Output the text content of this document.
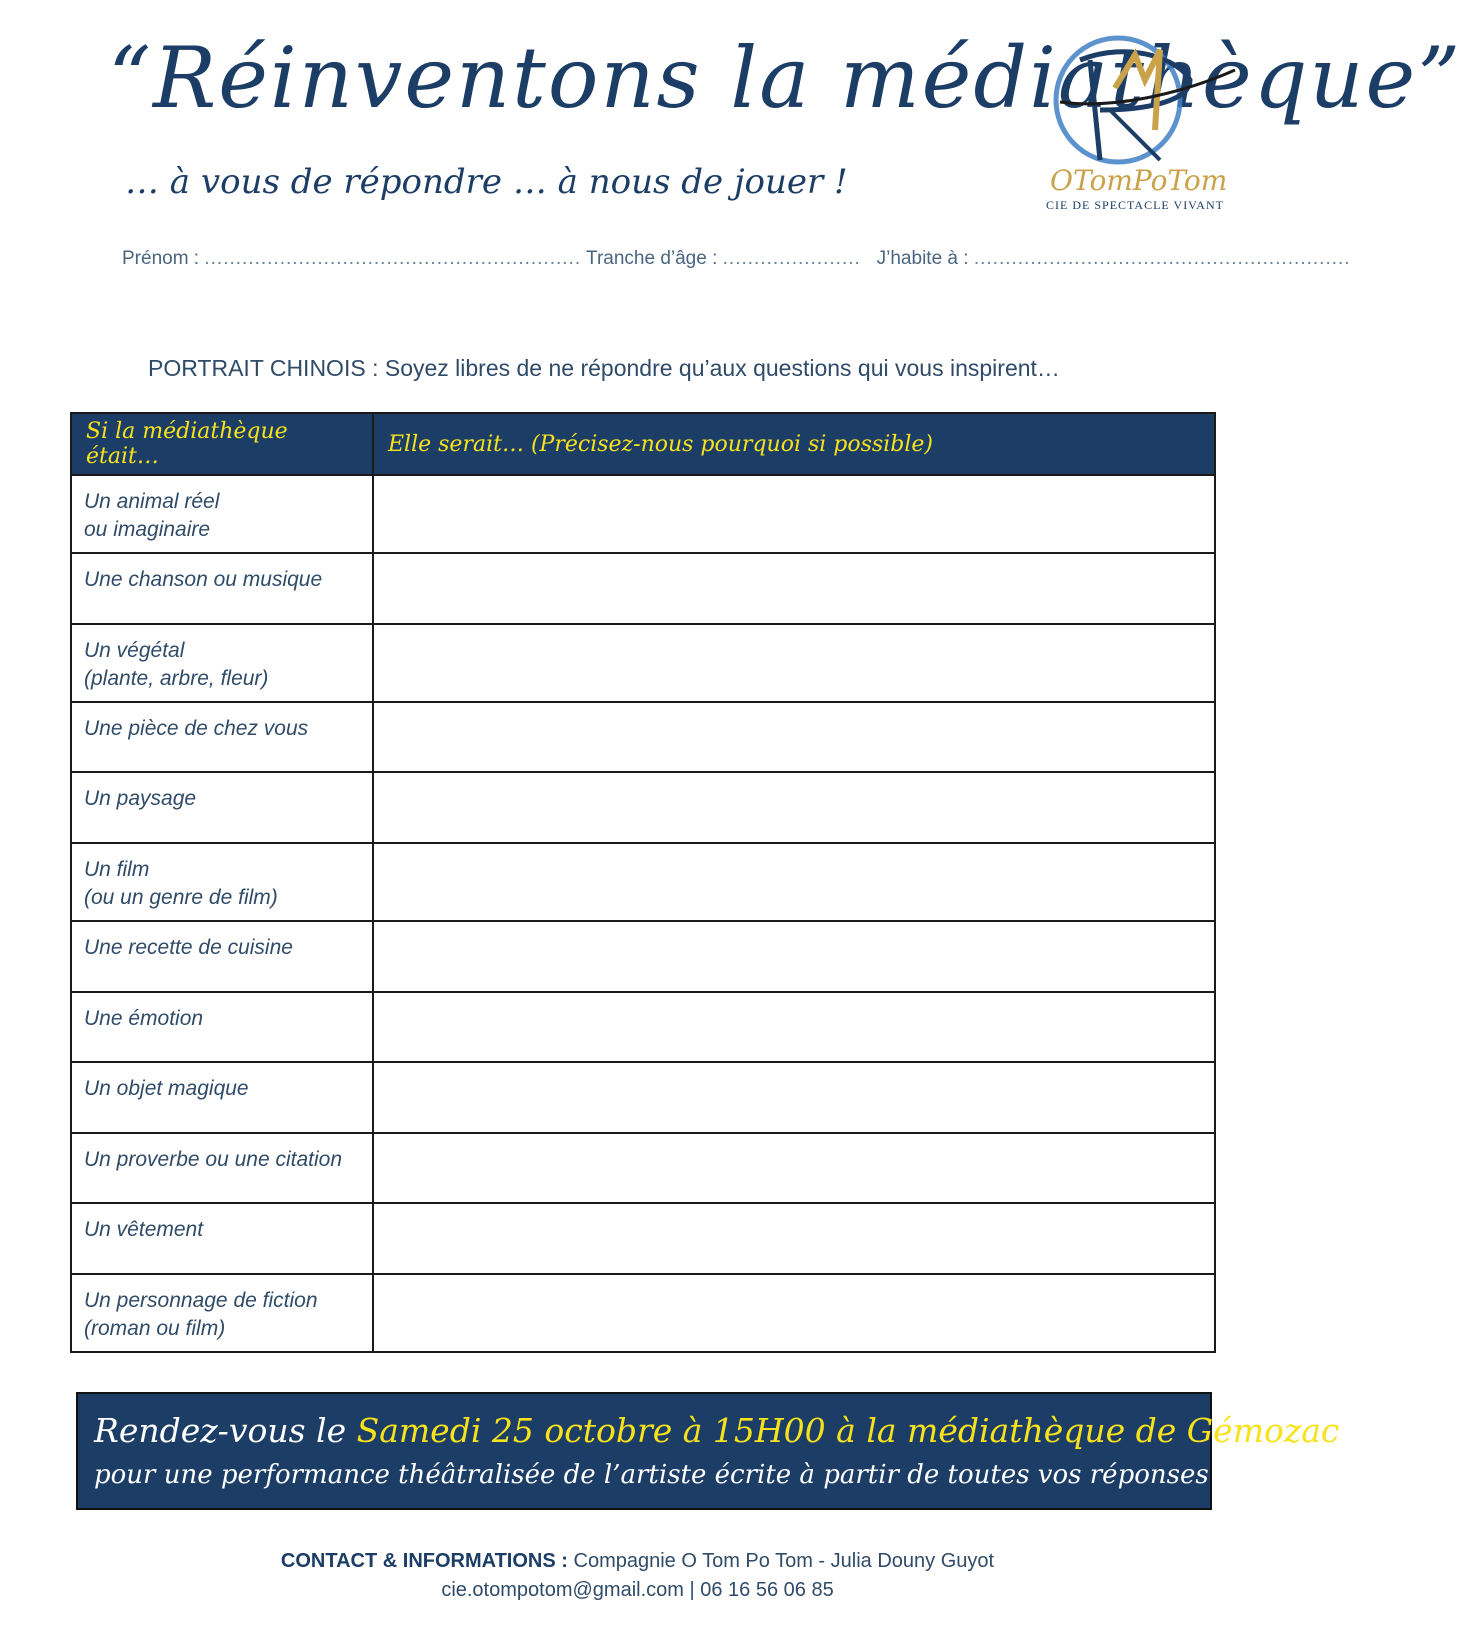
“Réinventons la médiathèque”
… à vous de répondre … à nous de jouer !	OTomPoTom
CIE DE SPECTACLE VIVANT
Prénom : ............................................................ Tranche d’âge : ...................... J’habite à : ............................................................
PORTRAIT CHINOIS : Soyez libres de ne répondre qu’aux questions qui vous inspirent…
Si la médiathèque était…	Elle serait… (Précisez-nous pourquoi si possible)

Un animal réel
ou imaginaire	

Une chanson ou musique	

Un végétal
(plante, arbre, fleur)	

Une pièce de chez vous	

Un paysage	

Un film
(ou un genre de film)	

Une recette de cuisine	

Une émotion	

Un objet magique	

Un proverbe ou une citation	

Un vêtement	

Un personnage de fiction
(roman ou film)	

Rendez-vous le Samedi 25 octobre à 15H00 à la médiathèque de Gémozac
pour une performance théâtralisée de l’artiste écrite à partir de toutes vos réponses !
CONTACT & INFORMATIONS : Compagnie O Tom Po Tom - Julia Douny Guyot
cie.otompotom@gmail.com | 06 16 56 06 85
